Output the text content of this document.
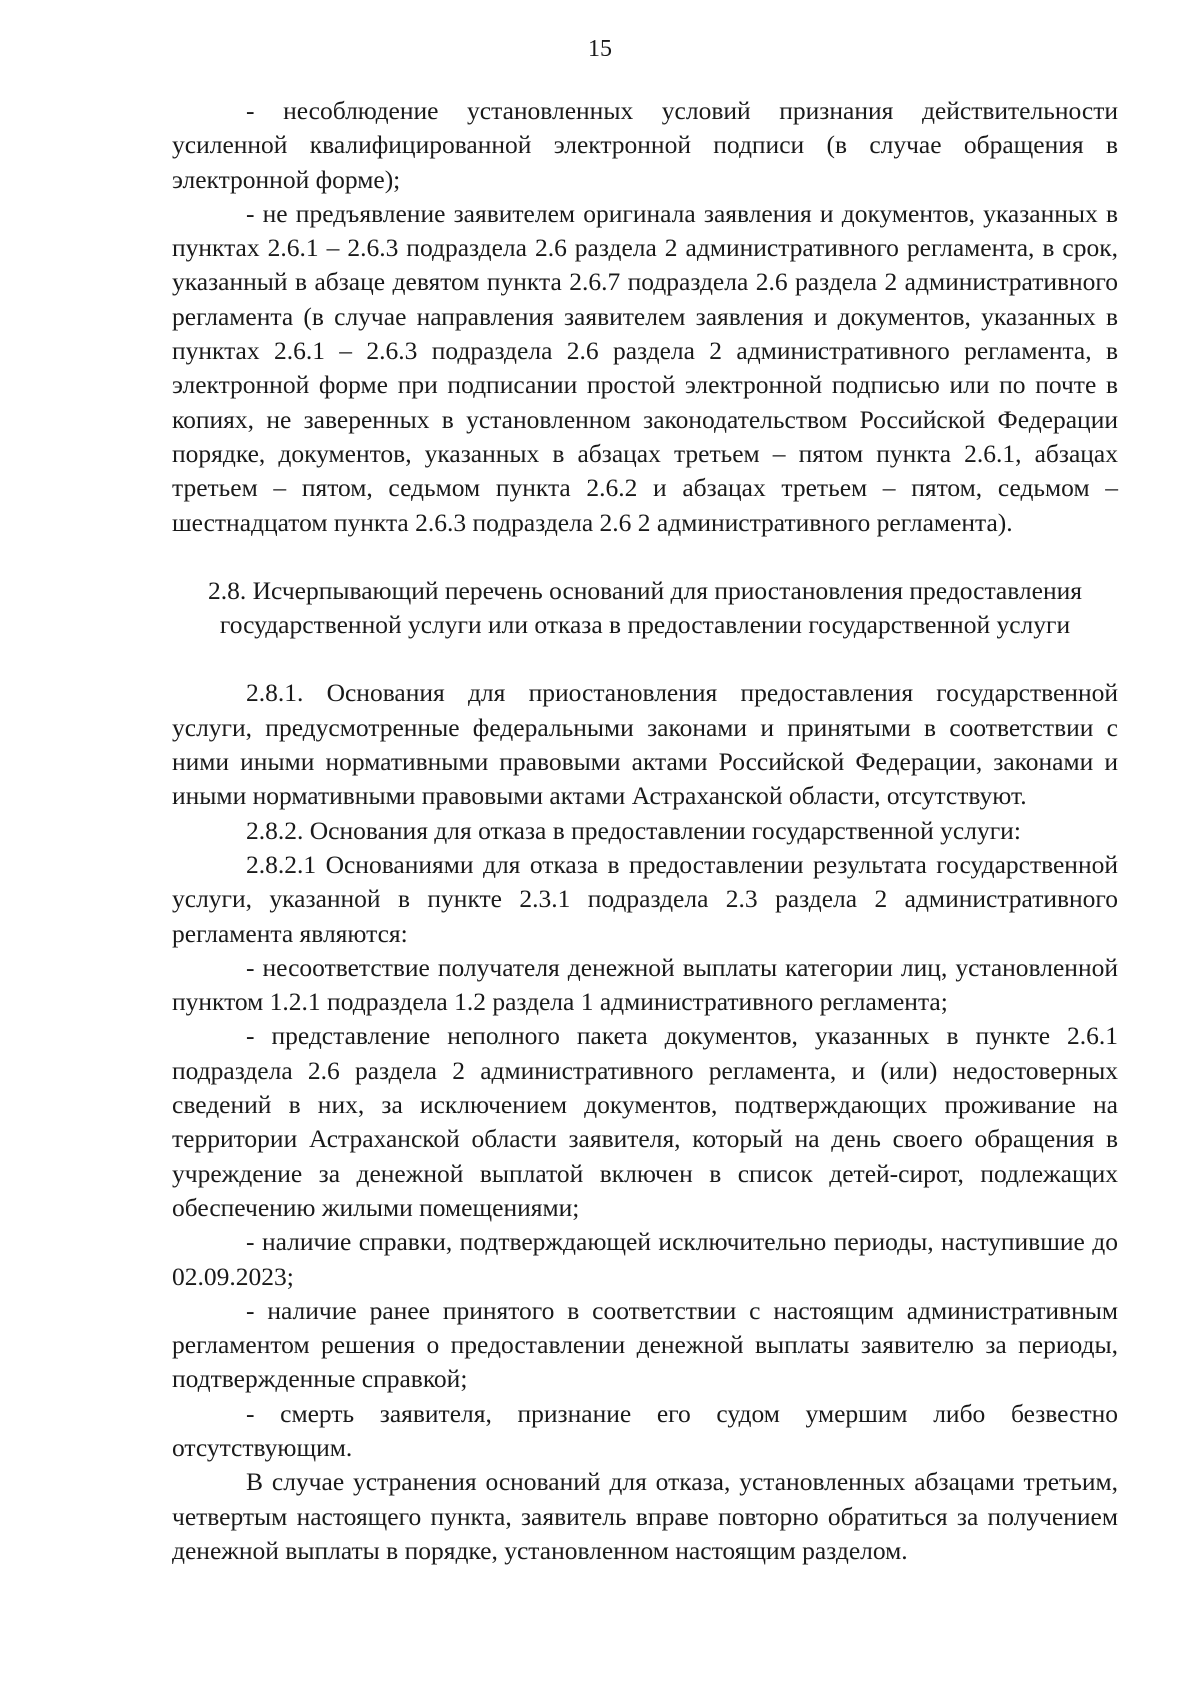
15

- несоблюдение установленных условий признания действительности усиленной квалифицированной электронной подписи (в случае обращения в электронной форме);

- не предъявление заявителем оригинала заявления и документов, указанных в пунктах 2.6.1 – 2.6.3 подраздела 2.6 раздела 2 административного регламента, в срок, указанный в абзаце девятом пункта 2.6.7 подраздела 2.6 раздела 2 административного регламента (в случае направления заявителем заявления и документов, указанных в пунктах 2.6.1 – 2.6.3 подраздела 2.6 раздела 2 административного регламента, в электронной форме при подписании простой электронной подписью или по почте в копиях, не заверенных в установленном законодательством Российской Федерации порядке, документов, указанных в абзацах третьем – пятом пункта 2.6.1, абзацах третьем – пятом, седьмом пункта 2.6.2 и абзацах третьем – пятом, седьмом – шестнадцатом пункта 2.6.3 подраздела 2.6 2 административного регламента).

2.8. Исчерпывающий перечень оснований для приостановления предоставления

государственной услуги или отказа в предоставлении государственной услуги

2.8.1. Основания для приостановления предоставления государственной услуги, предусмотренные федеральными законами и принятыми в соответствии с ними иными нормативными правовыми актами Российской Федерации, законами и иными нормативными правовыми актами Астраханской области, отсутствуют.

2.8.2. Основания для отказа в предоставлении государственной услуги:

2.8.2.1 Основаниями для отказа в предоставлении результата государственной услуги, указанной в пункте 2.3.1 подраздела 2.3 раздела 2 административного регламента являются:

- несоответствие получателя денежной выплаты категории лиц, установленной пунктом 1.2.1 подраздела 1.2 раздела 1 административного регламента;

- представление неполного пакета документов, указанных в пункте 2.6.1 подраздела 2.6 раздела 2 административного регламента, и (или) недостоверных сведений в них, за исключением документов, подтверждающих проживание на территории Астраханской области заявителя, который на день своего обращения в учреждение за денежной выплатой включен в список детей-сирот, подлежащих обеспечению жилыми помещениями;

- наличие справки, подтверждающей исключительно периоды, наступившие до 02.09.2023;

- наличие ранее принятого в соответствии с настоящим административным регламентом решения о предоставлении денежной выплаты заявителю за периоды, подтвержденные справкой;

- смерть заявителя, признание его судом умершим либо безвестно отсутствующим.

В случае устранения оснований для отказа, установленных абзацами третьим, четвертым настоящего пункта, заявитель вправе повторно обратиться за получением денежной выплаты в порядке, установленном настоящим разделом.
